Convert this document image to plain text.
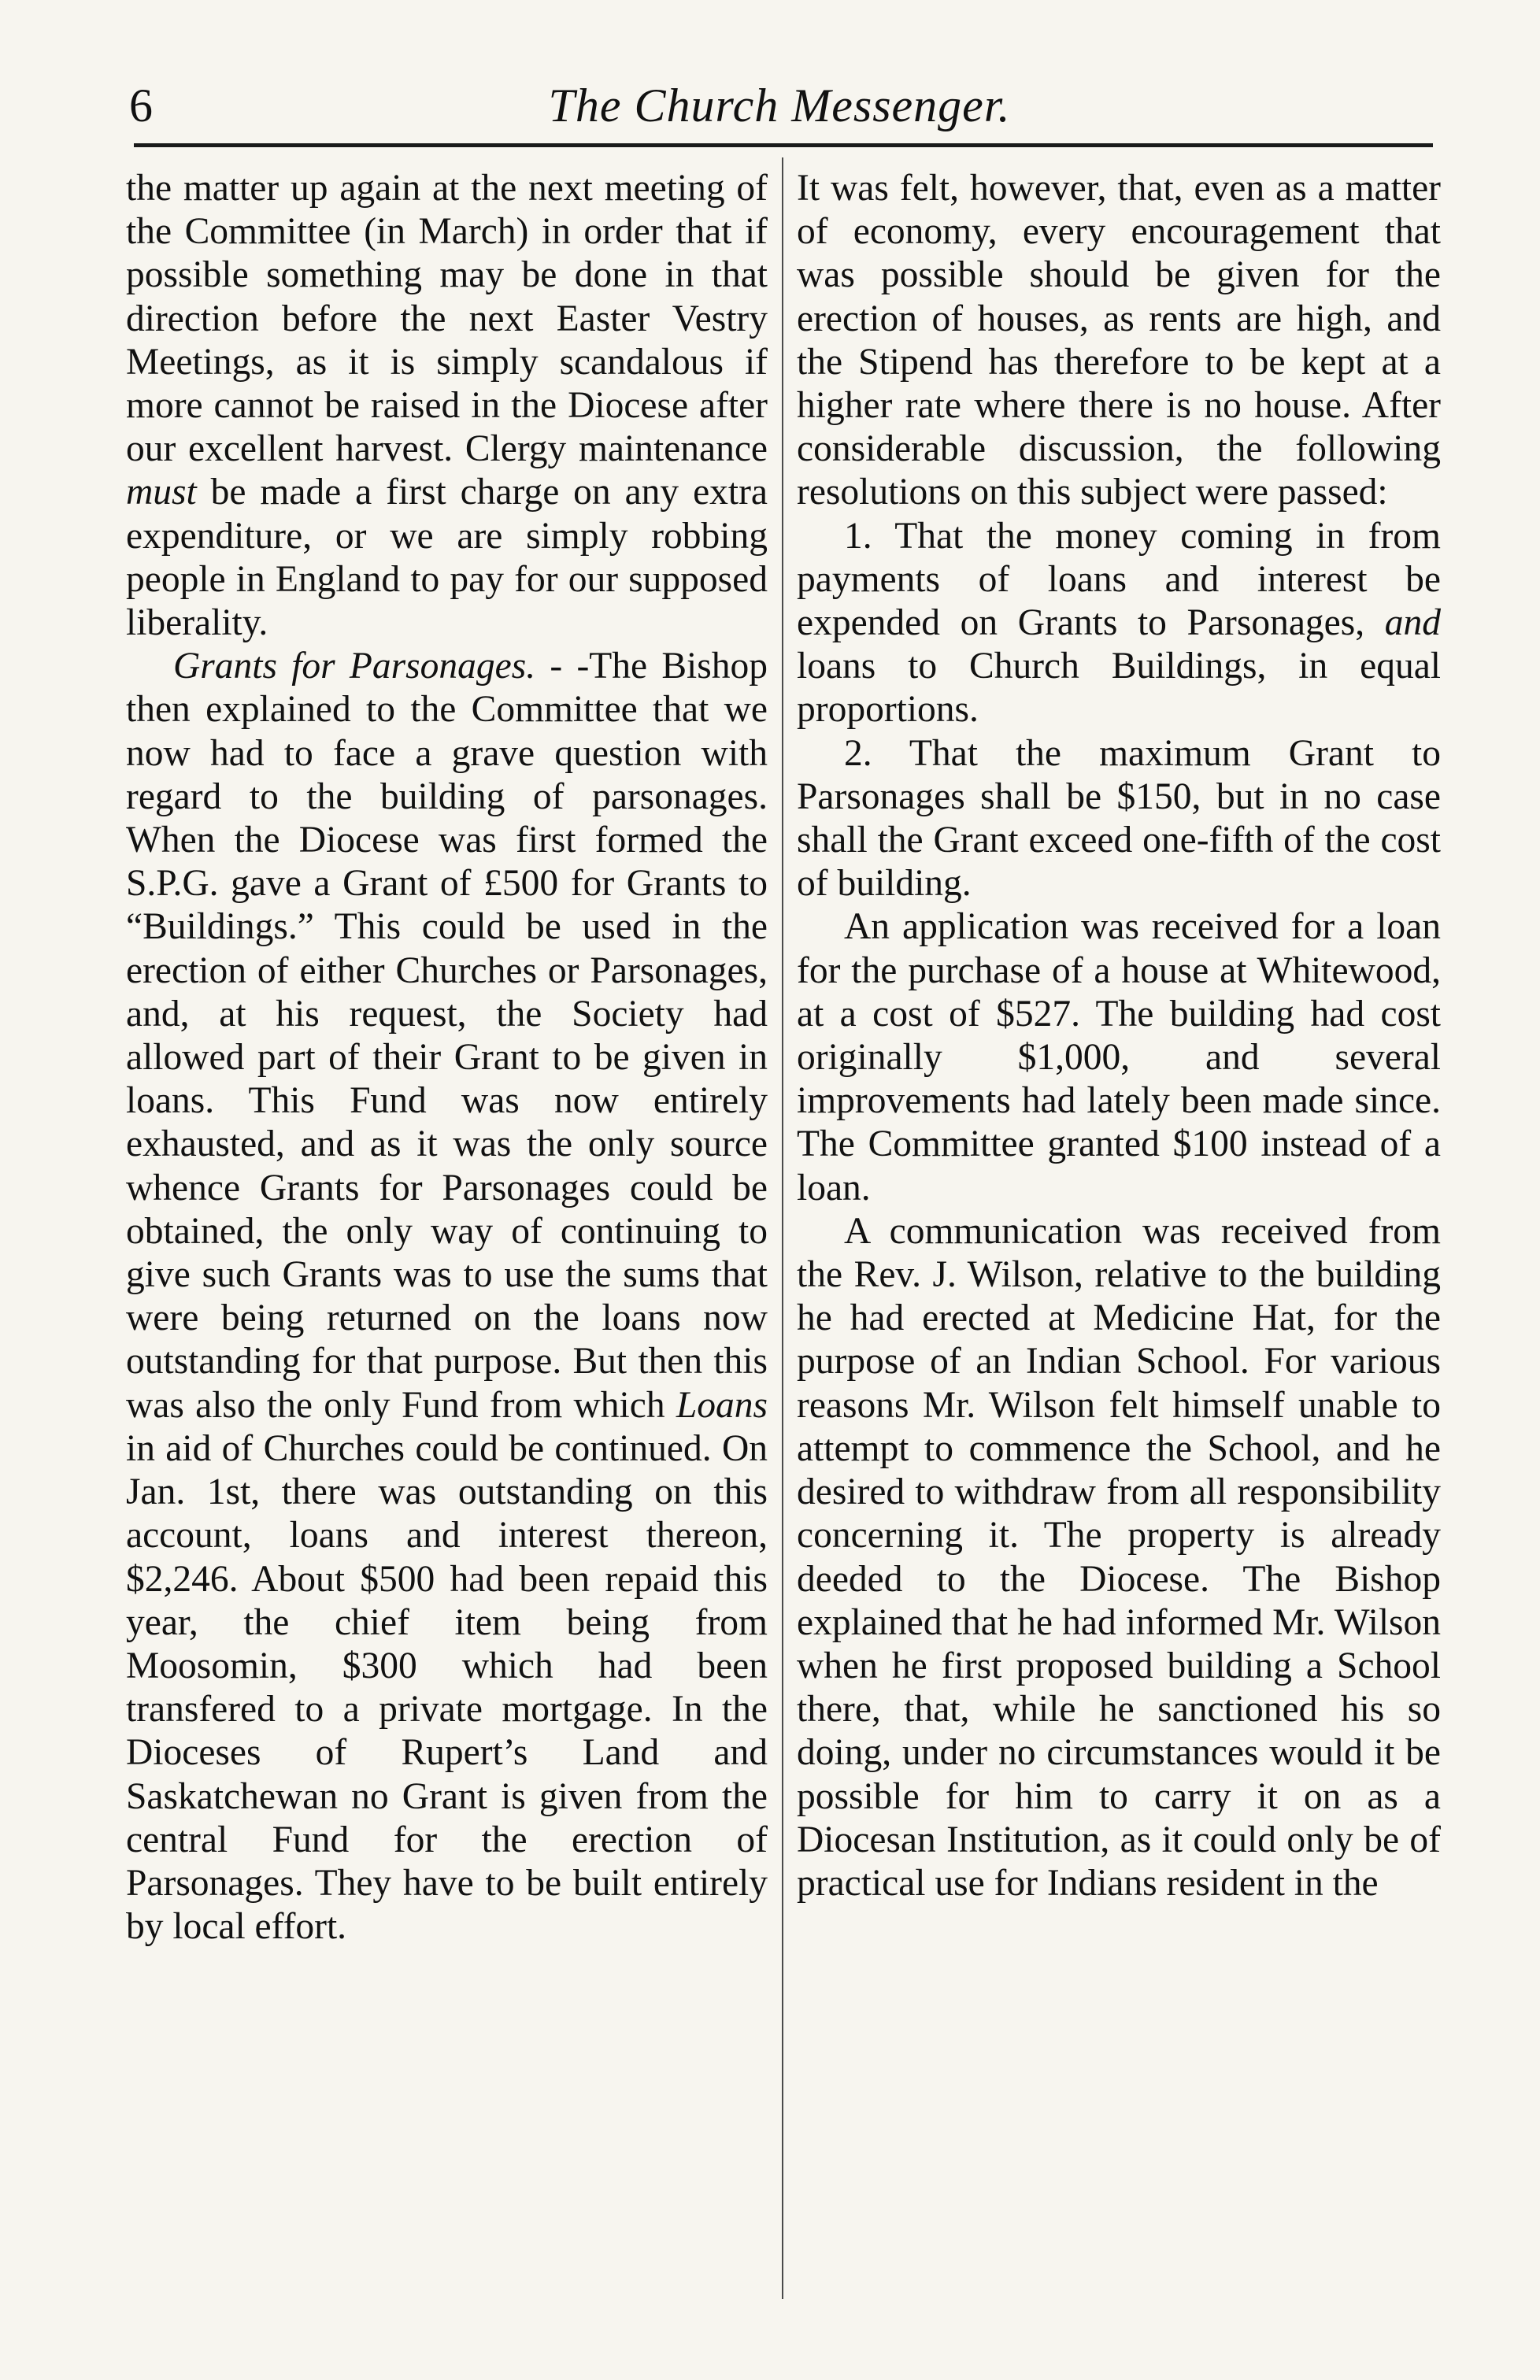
6	The Church Messenger.

the matter up again at the next meeting of the Committee (in March) in order that if possible something may be done in that direction before the next Easter Vestry Meetings, as it is simply scandalous if more cannot be raised in the Diocese after our excellent harvest. Clergy maintenance must be made a first charge on any extra expenditure, or we are simply robbing people in England to pay for our supposed liberality.

Grants for Parsonages. - -The Bishop then explained to the Committee that we now had to face a grave question with regard to the building of parsonages. When the Diocese was first formed the S.P.G. gave a Grant of £500 for Grants to “Buildings.” This could be used in the erection of either Churches or Parsonages, and, at his request, the Society had allowed part of their Grant to be given in loans. This Fund was now entirely exhausted, and as it was the only source whence Grants for Parsonages could be obtained, the only way of continuing to give such Grants was to use the sums that were being returned on the loans now outstanding for that purpose. But then this was also the only Fund from which Loans in aid of Churches could be continued. On Jan. 1st, there was outstanding on this account, loans and interest thereon, $2,246. About $500 had been repaid this year, the chief item being from Moosomin, $300 which had been transfered to a private mortgage. In the Dioceses of Rupert’s Land and Saskatchewan no Grant is given from the central Fund for the erection of Parsonages. They have to be built entirely by local effort.

It was felt, however, that, even as a matter of economy, every encouragement that was possible should be given for the erection of houses, as rents are high, and the Stipend has therefore to be kept at a higher rate where there is no house. After considerable discussion, the following resolutions on this subject were passed:

1. That the money coming in from payments of loans and interest be expended on Grants to Parsonages, and loans to Church Buildings, in equal proportions.

2. That the maximum Grant to Parsonages shall be $150, but in no case shall the Grant exceed one-fifth of the cost of building.

An application was received for a loan for the purchase of a house at Whitewood, at a cost of $527. The building had cost originally $1,000, and several improvements had lately been made since. The Committee granted $100 instead of a loan.

A communication was received from the Rev. J. Wilson, relative to the building he had erected at Medicine Hat, for the purpose of an Indian School. For various reasons Mr. Wilson felt himself unable to attempt to commence the School, and he desired to withdraw from all responsibility concerning it. The property is already deeded to the Diocese. The Bishop explained that he had informed Mr. Wilson when he first proposed building a School there, that, while he sanctioned his so doing, under no circumstances would it be possible for him to carry it on as a Diocesan Institution, as it could only be of practical use for Indians resident in the
